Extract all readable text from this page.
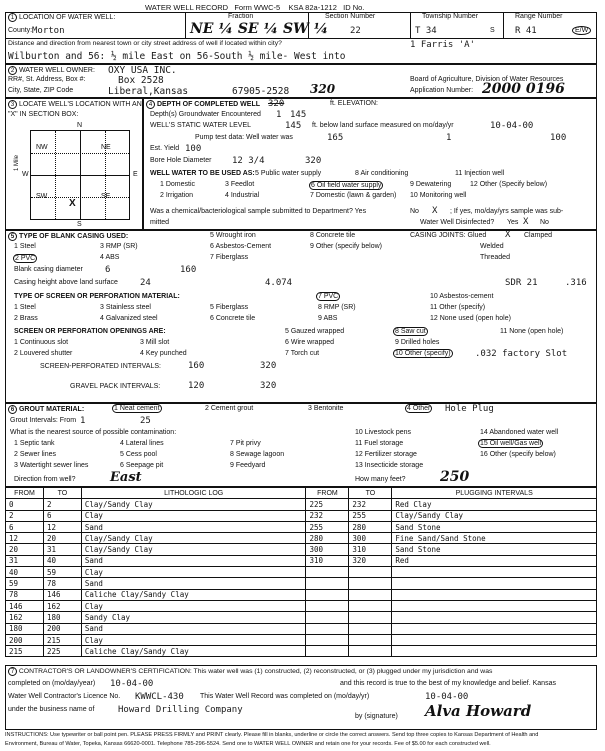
WATER WELL RECORD Form WWC-5 KSA 82a-1212 ID No.
1 LOCATION OF WATER WELL:
County: Morton
Fraction
NE ¼ SE ¼ SW ¼
Section Number
22
Township Number
T 34	S
Range Number
R 41	E/W
Distance and direction from nearest town or city street address of well if located within city?	1 Farris 'A'
Wilburton and 56: ½ mile East on 56-South ½ mile- West into
2 WATER WELL OWNER: OXY USA INC.
RR#, St. Address, Box #:	Box 2528
City, State, ZIP Code	Liberal,Kansas	67905-2528 320
Board of Agriculture, Division of Water Resources
Application Number: 2000 0196
3 LOCATE WELL'S LOCATION WITH AN "X" IN SECTION BOX:
NW	NE
SW	SE
X
N
S
W	E
1 Mile
4 DEPTH OF COMPLETED WELL 320	ft. ELEVATION:
Depth(s) Groundwater Encountered 1 145
WELL'S STATIC WATER LEVEL	145 ft. below land surface measured on mo/day/yr	10-04-00
Pump test data: Well water was	165	1	100
Est. Yield 100
Bore Hole Diameter 12 3/4	320
WELL WATER TO BE USED AS: 5 Public water supply	8 Air conditioning	11 Injection well
1 Domestic	3 Feedlot	6 Oil field water supply	9 Dewatering	12 Other (Specify below)
2 Irrigation	4 Industrial	7 Domestic (lawn & garden) 10 Monitoring well
Was a chemical/bacteriological sample submitted to Department? Yes	No X ; If yes, mo/day/yrs sample was sub-
mitted	Water Well Disinfected? Yes X No
5 TYPE OF BLANK CASING USED:	5 Wrought iron	8 Concrete tile	CASING JOINTS: Glued X Clamped
1 Steel	3 RMP (SR)	6 Asbestos-Cement	9 Other (specify below)	Welded
2 PVC	4 ABS	7 Fiberglass	Threaded
Blank casing diameter 6	160
Casing height above land surface 24	4.074	SDR 21	.316
TYPE OF SCREEN OR PERFORATION MATERIAL:	7 PVC	10 Asbestos-cement
1 Steel	3 Stainless steel	5 Fiberglass	8 RMP (SR)	11 Other (specify)
2 Brass	4 Galvanized steel	6 Concrete tile	9 ABS	12 None used (open hole)
SCREEN OR PERFORATION OPENINGS ARE:	5 Gauzed wrapped	8 Saw cut	11 None (open hole)
1 Continuous slot	3 Mill slot	6 Wire wrapped	9 Drilled holes
2 Louvered shutter	4 Key punched	7 Torch cut	10 Other (specify)	.032 factory Slot
SCREEN-PERFORATED INTERVALS:	160	320
GRAVEL PACK INTERVALS:	120	320
6 GROUT MATERIAL:	1 Neat cement	2 Cement grout	3 Bentonite	4 Other Hole Plug
Grout Intervals: From 1	25
What is the nearest source of possible contamination:
1 Septic tank
2 Sewer lines
3 Watertight sewer lines
4 Lateral lines
5 Cess pool
6 Seepage pit
7 Pit privy
8 Sewage lagoon
9 Feedyard
10 Livestock pens
11 Fuel storage
12 Fertilizer storage
13 Insecticide storage
14 Abandoned water well
15 Oil well/Gas well
16 Other (specify below)
Direction from well?	East	How many feet? 250
FROM	TO	LITHOLOGIC LOG	FROM	TO	PLUGGING INTERVALS
0	2	Clay/Sandy Clay	225	232	Red Clay
2	6	Clay	232	255	Clay/Sandy Clay
6	12	Sand	255	280	Sand Stone
12	20	Clay/Sandy Clay	280	300	Fine Sand/Sand Stone
20	31	Clay/Sandy Clay	300	310	Sand Stone
31	40	Sand	310	320	Red
40	59	Clay			
59	78	Sand			
78	146	Caliche Clay/Sandy Clay			
146	162	Clay			
162	180	Sandy Clay			
180	200	Sand			
200	215	Clay			
215	225	Caliche Clay/Sandy Clay			
7 CONTRACTOR'S OR LANDOWNER'S CERTIFICATION: This water well was (1) constructed, (2) reconstructed, or (3) plugged under my jurisdiction and was
completed on (mo/day/year) 10-04-00	and this record is true to the best of my knowledge and belief. Kansas
Water Well Contractor's Licence No. KWWCL-430 This Water Well Record was completed on (mo/day/yr)	10-04-00
under the business name of	Howard Drilling Company
by (signature) Alva Howard
INSTRUCTIONS: Use typewriter or ball point pen. PLEASE PRESS FIRMLY and PRINT clearly. Please fill in blanks, underline or circle the correct answers. Send top three copies to Kansas Department of Health and
Environment, Bureau of Water, Topeka, Kansas 66620-0001. Telephone 785-296-5524. Send one to WATER WELL OWNER and retain one for your records. Fee of $5.00 for each constructed well.
